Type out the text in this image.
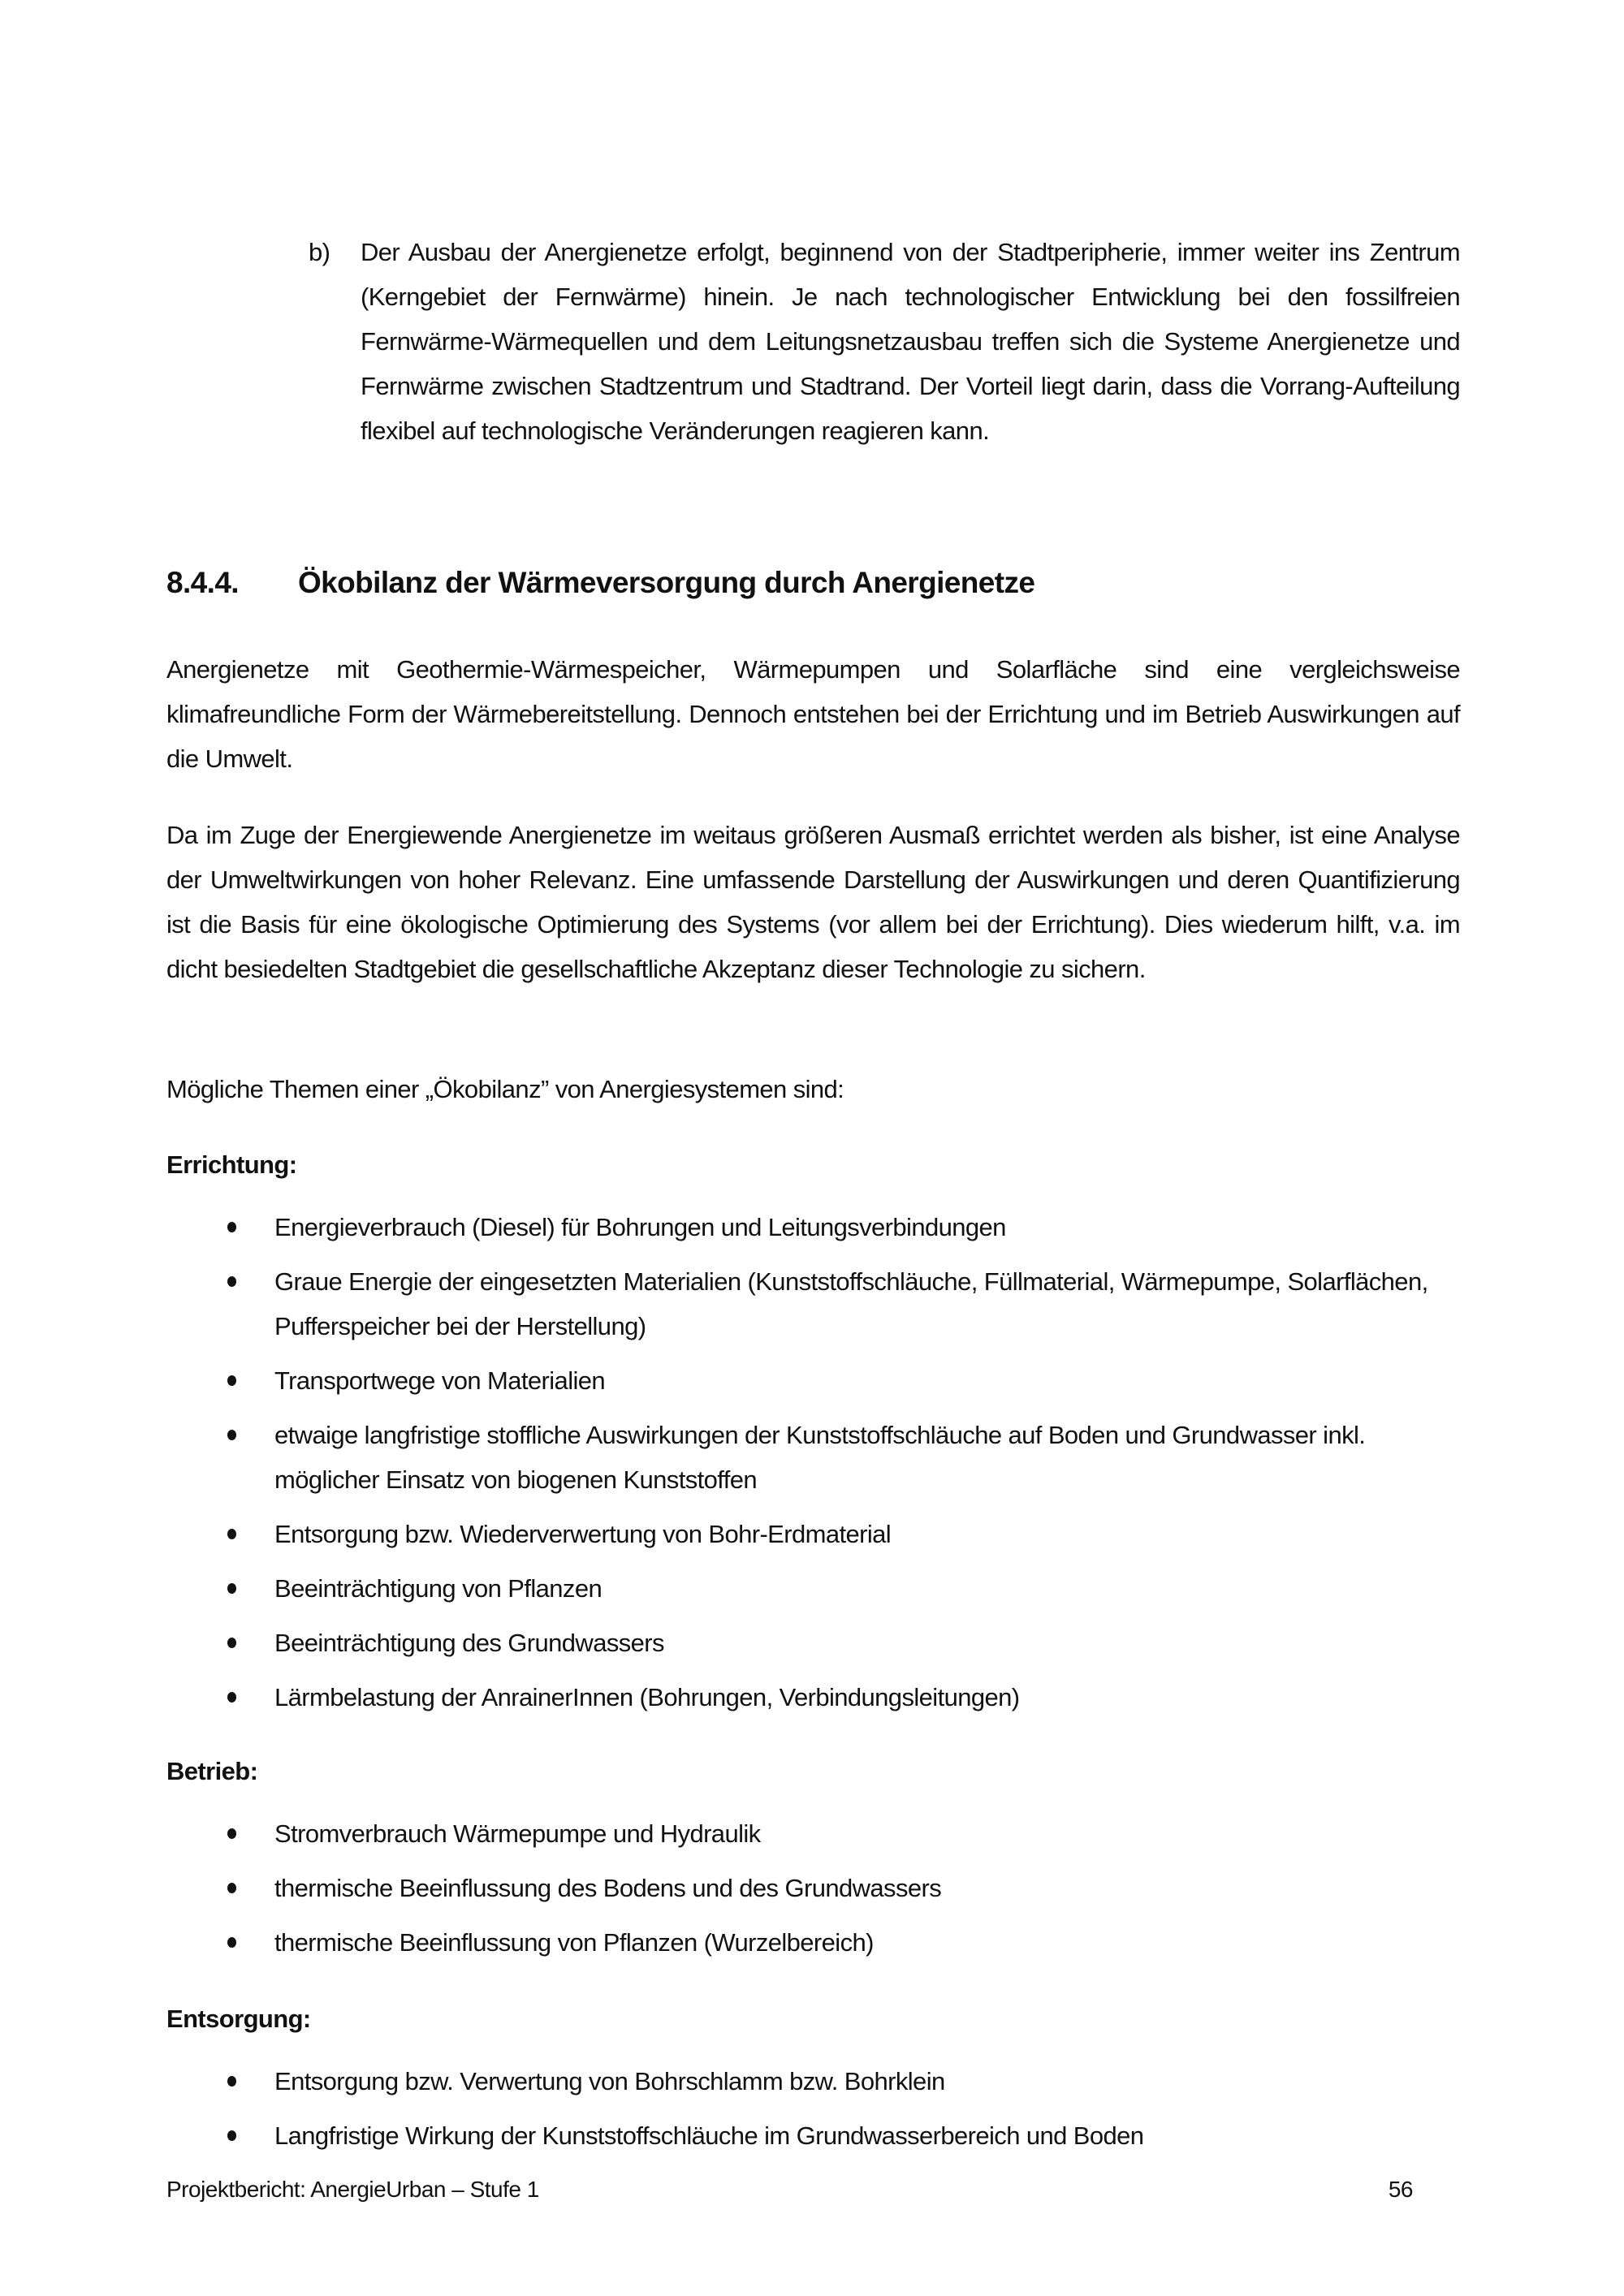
b) Der Ausbau der Anergienetze erfolgt, beginnend von der Stadtperipherie, immer weiter ins Zentrum (Kerngebiet der Fernwärme) hinein. Je nach technologischer Entwicklung bei den fossilfreien Fernwärme-Wärmequellen und dem Leitungsnetzausbau treffen sich die Systeme Anergienetze und Fernwärme zwischen Stadtzentrum und Stadtrand. Der Vorteil liegt darin, dass die Vorrang-Aufteilung flexibel auf technologische Veränderungen reagieren kann.
8.4.4. Ökobilanz der Wärmeversorgung durch Anergienetze

Anergienetze mit Geothermie-Wärmespeicher, Wärmepumpen und Solarfläche sind eine vergleichsweise klimafreundliche Form der Wärmebereitstellung. Dennoch entstehen bei der Errichtung und im Betrieb Auswirkungen auf die Umwelt.

Da im Zuge der Energiewende Anergienetze im weitaus größeren Ausmaß errichtet werden als bisher, ist eine Analyse der Umweltwirkungen von hoher Relevanz. Eine umfassende Darstellung der Auswirkungen und deren Quantifizierung ist die Basis für eine ökologische Optimierung des Systems (vor allem bei der Errichtung). Dies wiederum hilft, v.a. im dicht besiedelten Stadtgebiet die gesellschaftliche Akzeptanz dieser Technologie zu sichern.

Mögliche Themen einer „Ökobilanz” von Anergiesystemen sind:

Errichtung:

Energieverbrauch (Diesel) für Bohrungen und Leitungsverbindungen
Graue Energie der eingesetzten Materialien (Kunststoffschläuche, Füllmaterial, Wärmepumpe, Solarflächen, Pufferspeicher bei der Herstellung)
Transportwege von Materialien
etwaige langfristige stoffliche Auswirkungen der Kunststoffschläuche auf Boden und Grundwasser inkl. möglicher Einsatz von biogenen Kunststoffen
Entsorgung bzw. Wiederverwertung von Bohr-Erdmaterial
Beeinträchtigung von Pflanzen
Beeinträchtigung des Grundwassers
Lärmbelastung der AnrainerInnen (Bohrungen, Verbindungsleitungen)

Betrieb:

Stromverbrauch Wärmepumpe und Hydraulik
thermische Beeinflussung des Bodens und des Grundwassers
thermische Beeinflussung von Pflanzen (Wurzelbereich)

Entsorgung:

Entsorgung bzw. Verwertung von Bohrschlamm bzw. Bohrklein
Langfristige Wirkung der Kunststoffschläuche im Grundwasserbereich und Boden
Projektbericht: AnergieUrban – Stufe 1	56
